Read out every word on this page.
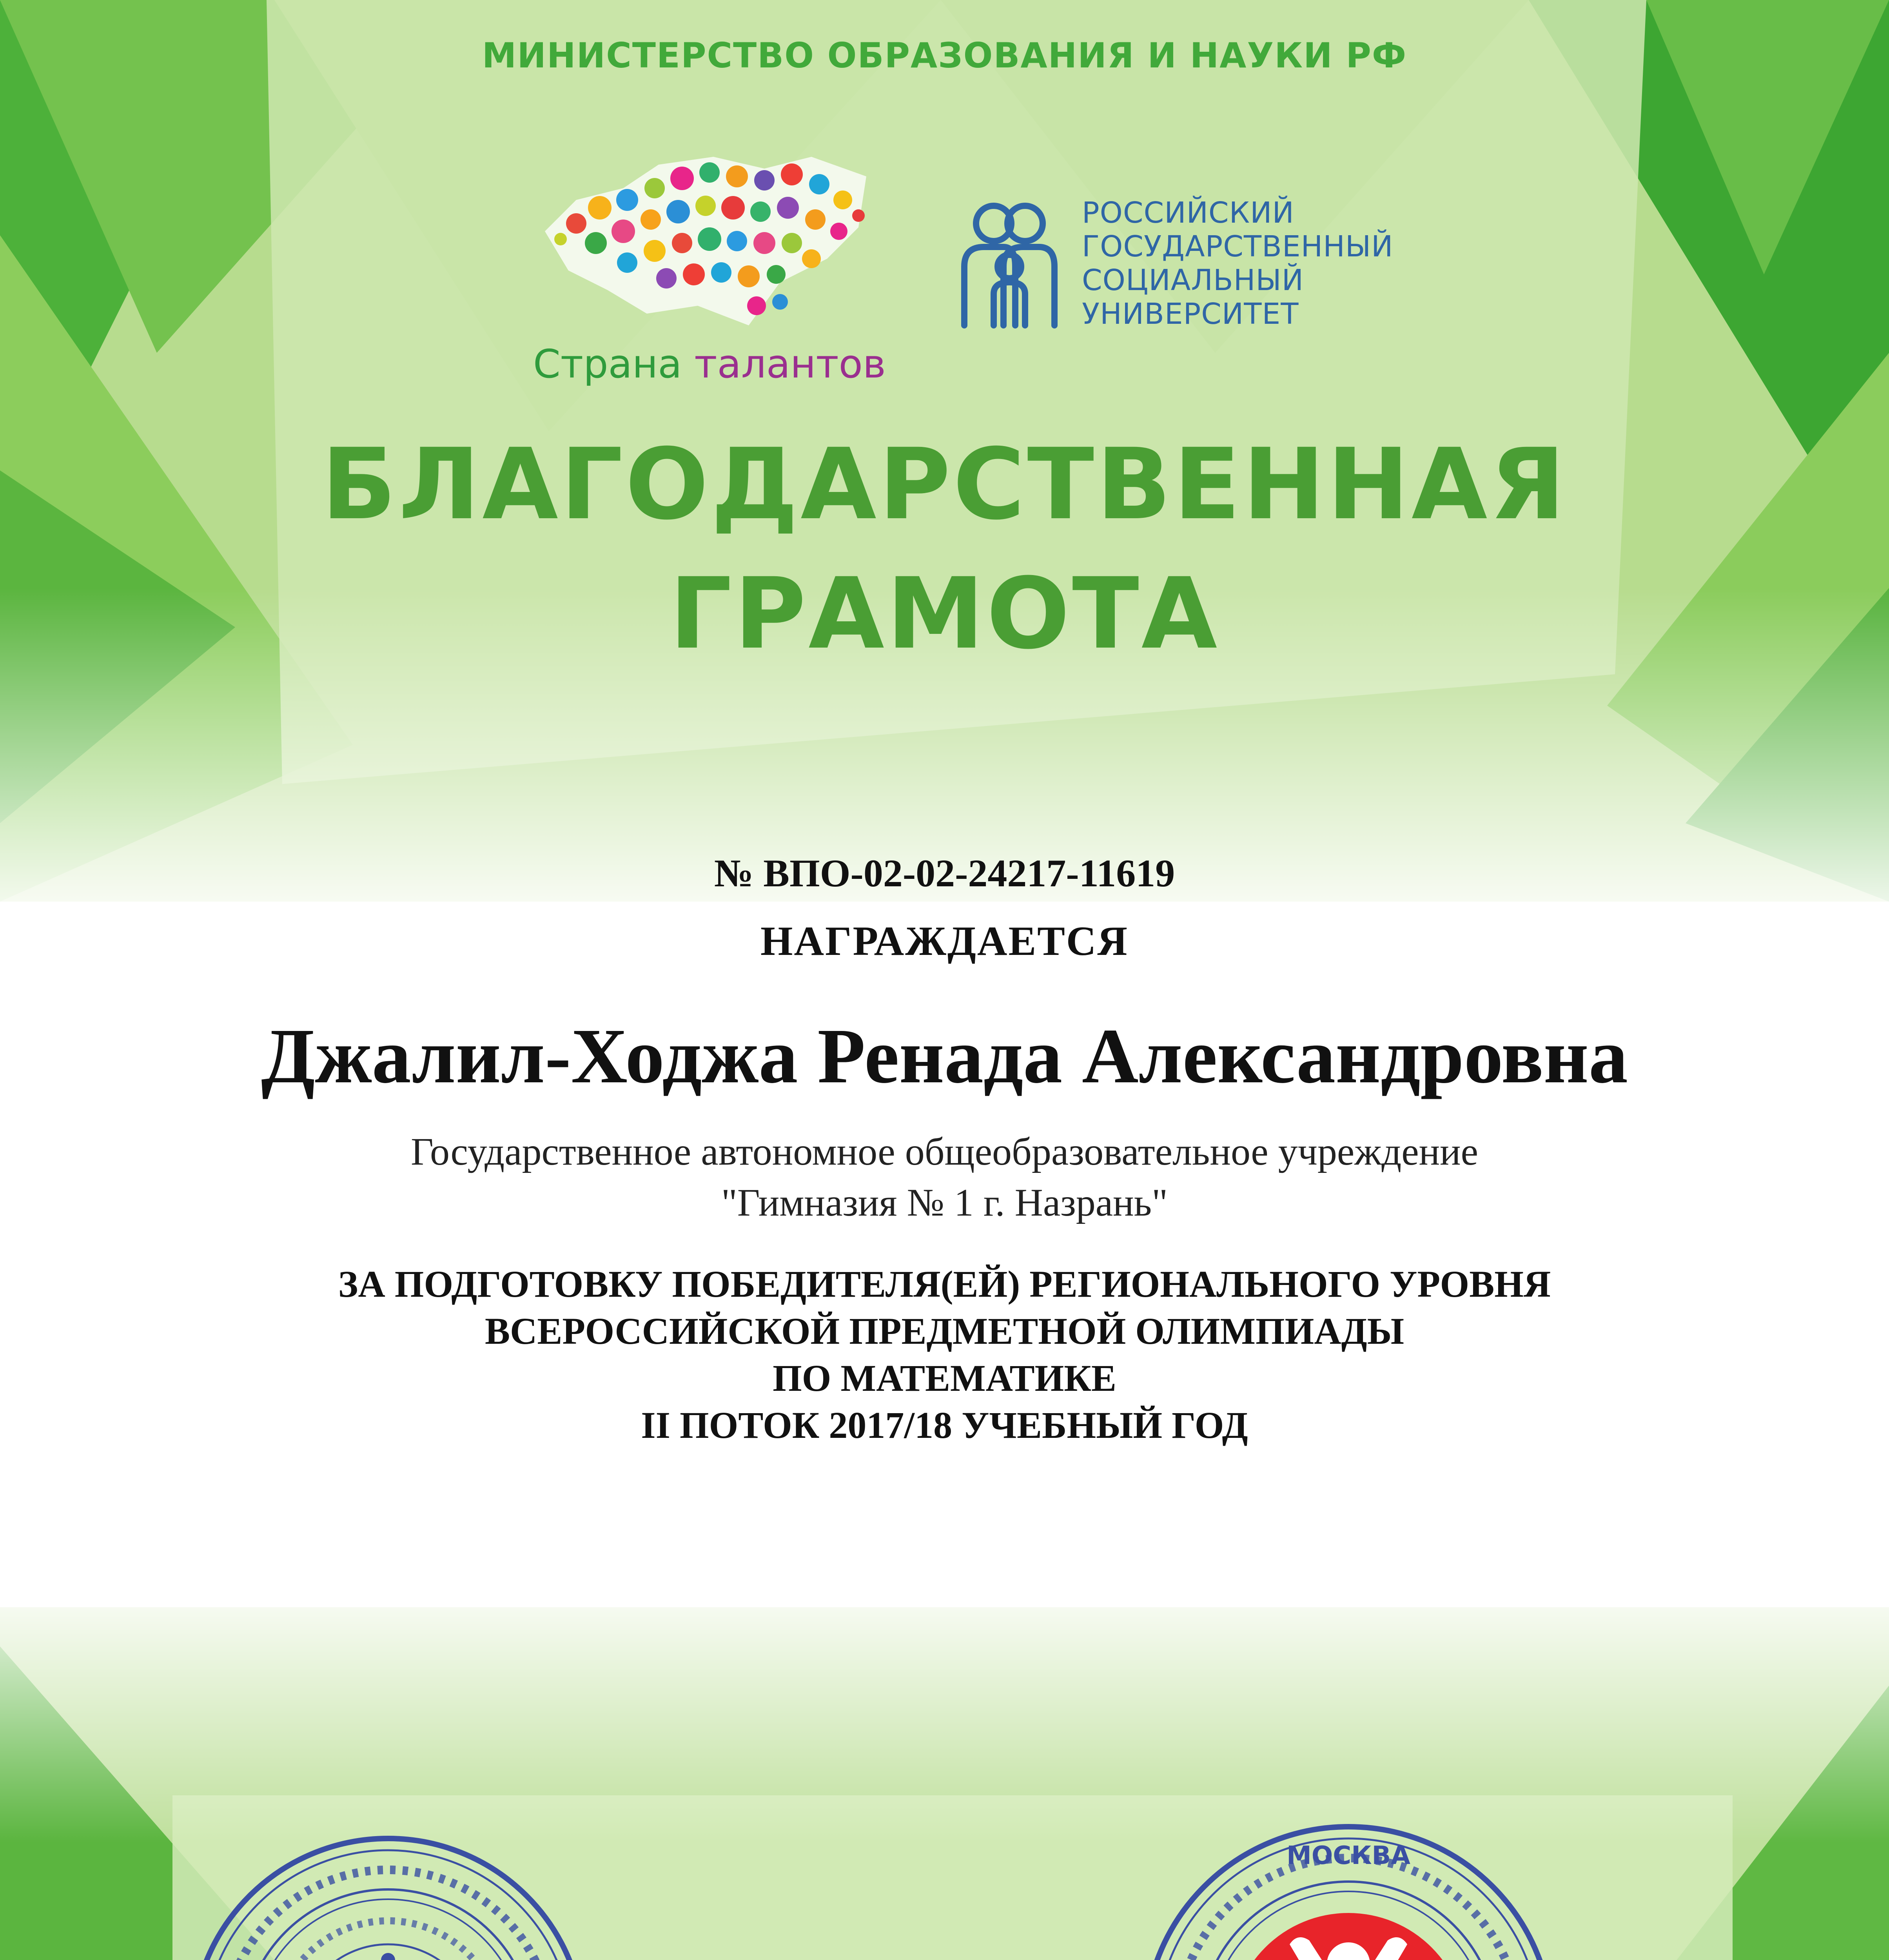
МИНИСТЕРСТВО ОБРАЗОВАНИЯ И НАУКИ РФ
Страна талантов
РОССИЙСКИЙ
ГОСУДАРСТВЕННЫЙ
СОЦИАЛЬНЫЙ
УНИВЕРСИТЕТ
БЛАГОДАРСТВЕННАЯ
ГРАМОТА
№ ВПО-02-02-24217-11619
НАГРАЖДАЕТСЯ
Джалил-Ходжа Ренада Александровна
Государственное автономное общеобразовательное учреждение
"Гимназия № 1 г. Назрань"
ЗА ПОДГОТОВКУ ПОБЕДИТЕЛЯ(ЕЙ) РЕГИОНАЛЬНОГО УРОВНЯ
ВСЕРОССИЙСКОЙ ПРЕДМЕТНОЙ ОЛИМПИАДЫ
ПО МАТЕМАТИКЕ
II ПОТОК 2017/18 УЧЕБНЫЙ ГОД
МОСКВА
